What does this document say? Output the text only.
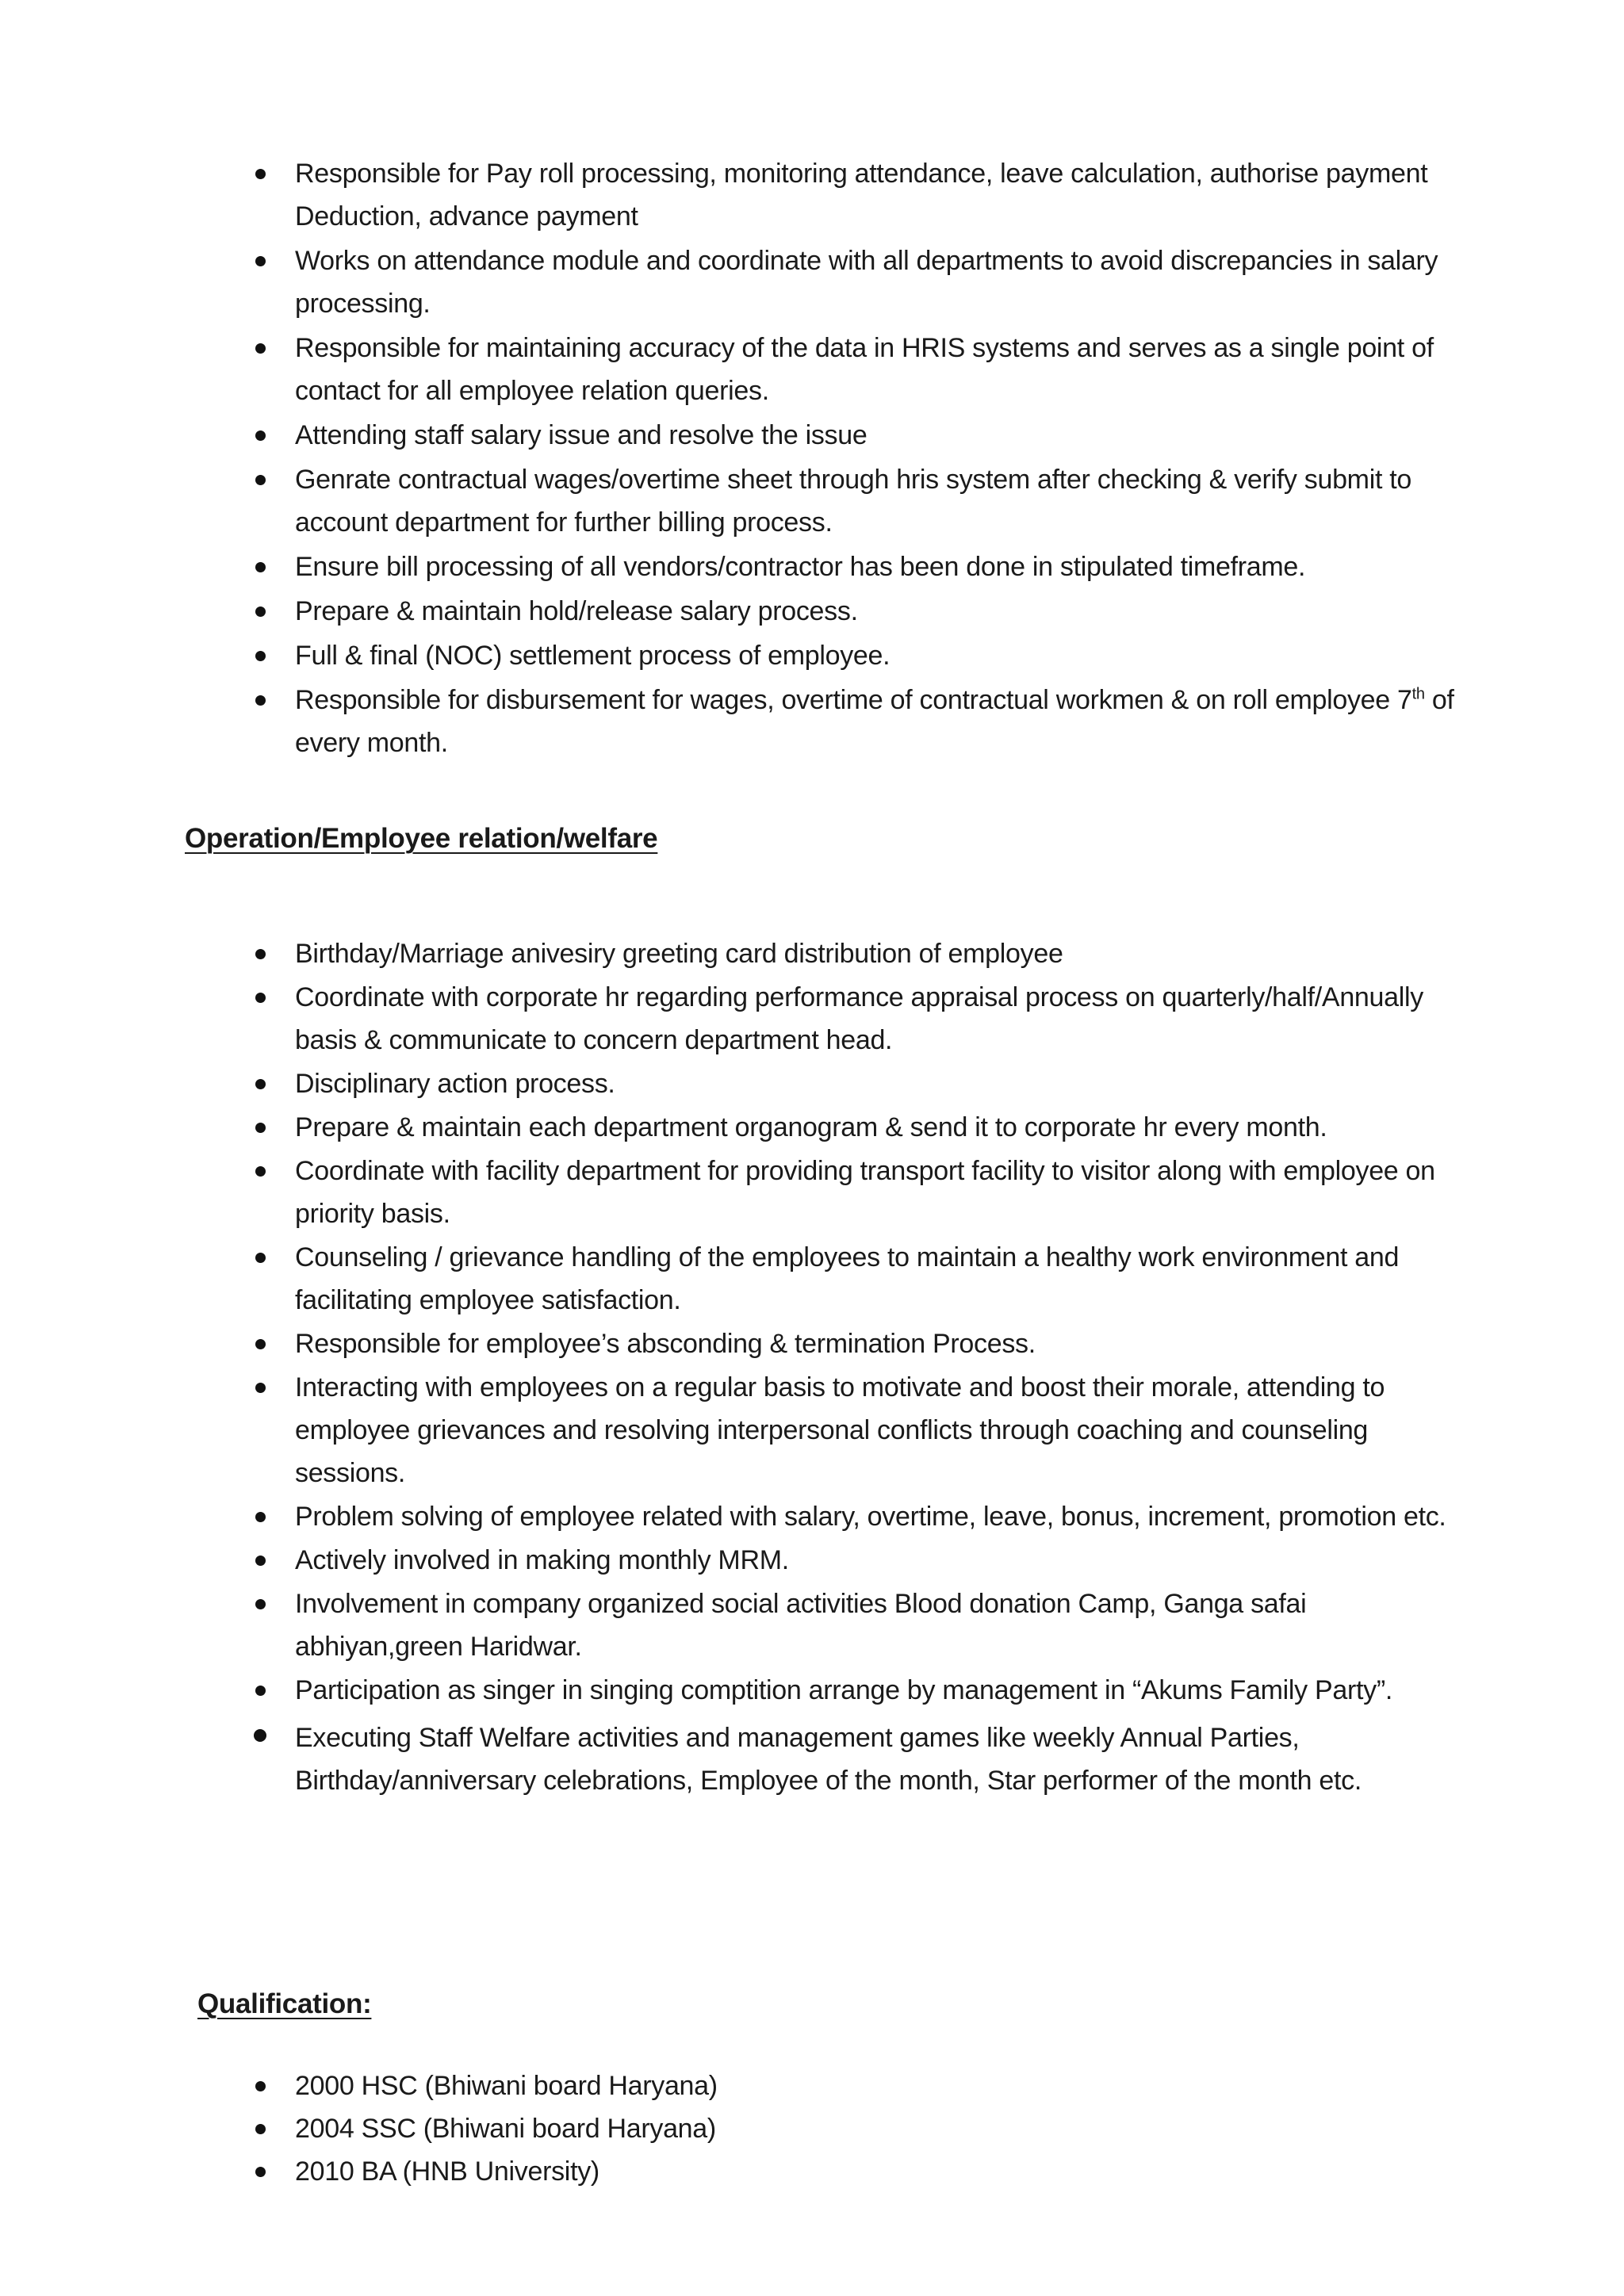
Responsible for Pay roll processing, monitoring attendance, leave calculation, authorise payment Deduction, advance payment
Works on attendance module and coordinate with all departments to avoid discrepancies in salary processing.
Responsible for maintaining accuracy of the data in HRIS systems and serves as a single point of contact for all employee relation queries.
Attending staff salary issue and resolve the issue
Genrate contractual wages/overtime sheet through hris system after checking & verify submit to account department for further billing process.
Ensure bill processing of all vendors/contractor has been done in stipulated timeframe.
Prepare & maintain hold/release salary process.
Full & final (NOC) settlement process of employee.
Responsible for disbursement for wages, overtime of contractual workmen & on roll employee 7th of every month.
Operation/Employee relation/welfare
Birthday/Marriage anivesiry greeting card distribution of employee
Coordinate with corporate hr regarding performance appraisal process on quarterly/half/Annually basis & communicate to concern department head.
Disciplinary action process.
Prepare & maintain each department organogram & send it to corporate hr every month.
Coordinate with facility department for providing transport facility to visitor along with employee on priority basis.
Counseling / grievance handling of the employees to maintain a healthy work environment and facilitating employee satisfaction.
Responsible for employee’s absconding & termination Process.
Interacting with employees on a regular basis to motivate and boost their morale, attending to employee grievances and resolving interpersonal conflicts through coaching and counseling sessions.
Problem solving of employee related with salary, overtime, leave, bonus, increment, promotion etc.
Actively involved in making monthly MRM.
Involvement in company organized social activities Blood donation Camp, Ganga safai abhiyan,green Haridwar.
Participation as singer in singing comptition arrange by management in “Akums Family Party”.
Executing Staff Welfare activities and management games like weekly Annual Parties, Birthday/anniversary celebrations, Employee of the month, Star performer of the month etc.
Qualification:
2000 HSC (Bhiwani board Haryana)
2004 SSC (Bhiwani board Haryana)
2010 BA (HNB University)
